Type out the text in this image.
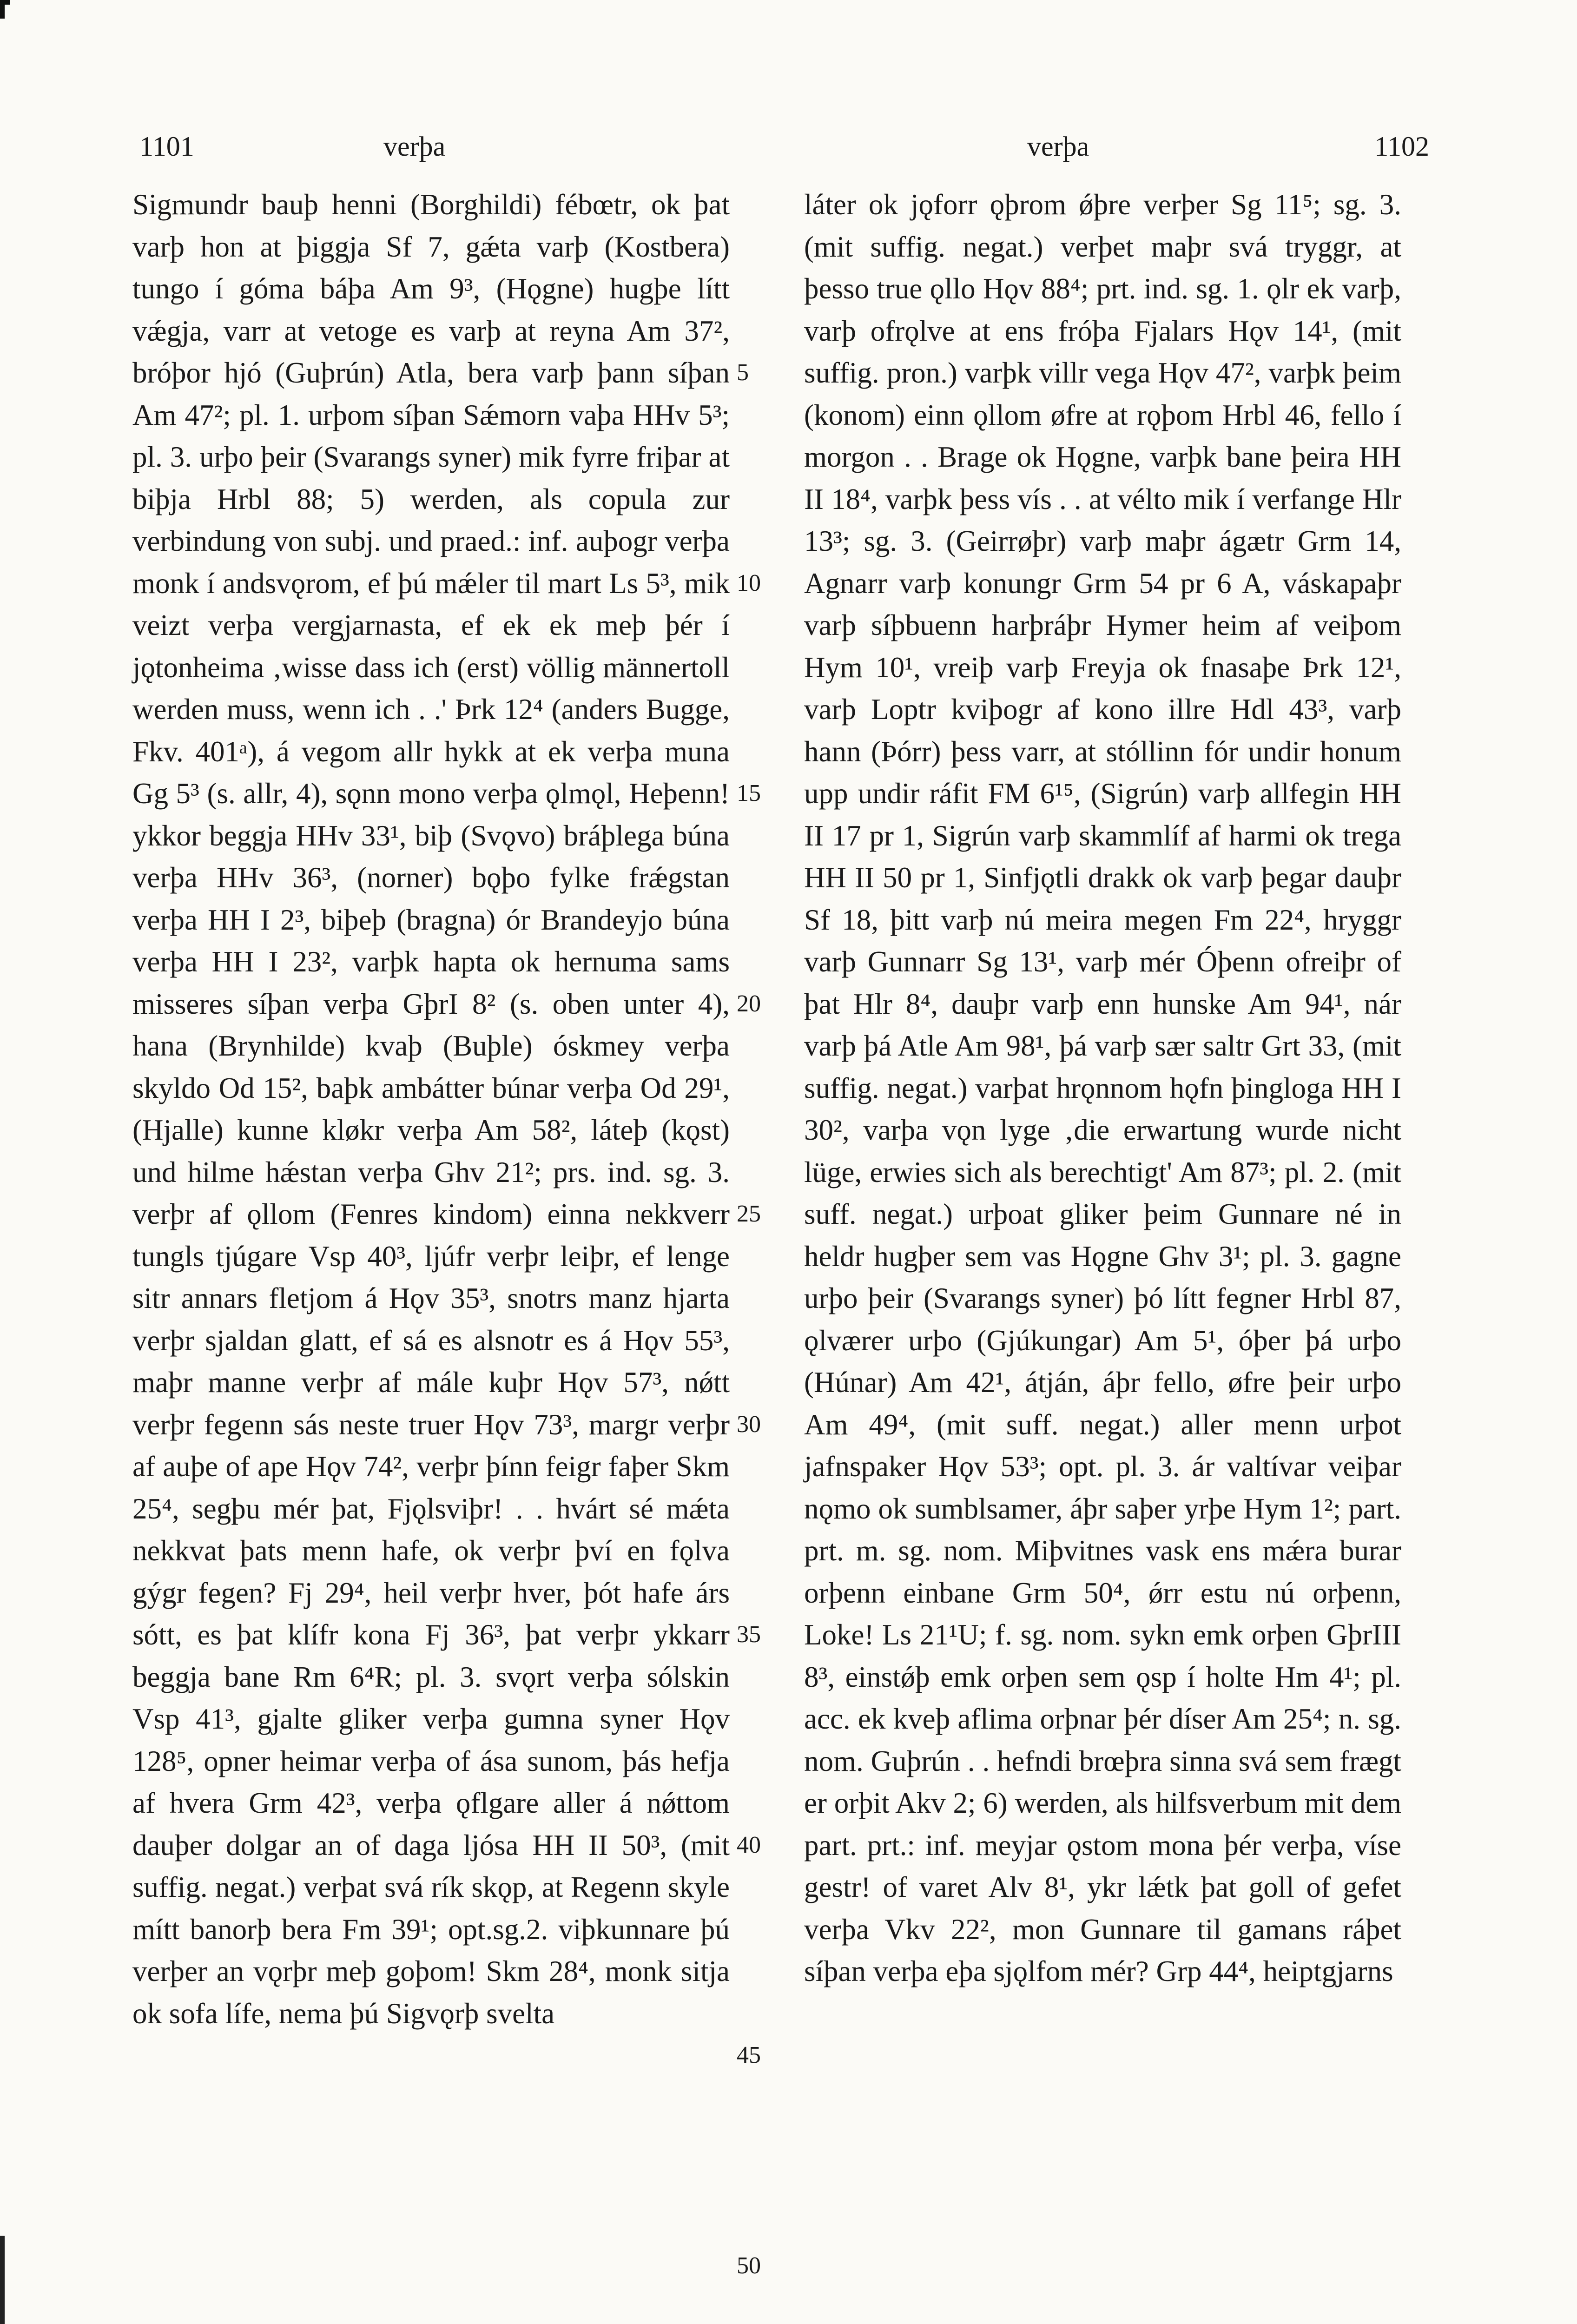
1101	verþa	verþa	1102

Sigmundr bauþ henni (Borghildi) fébœtr, ok þat varþ hon at þiggja Sf 7, gǽta varþ (Kostbera) tungo í góma báþa Am 9³, (Hǫgne) hugþe lítt vǽgja, varr at vetoge es varþ at reyna Am 37², bróþor hjó (Guþrún) Atla, bera varþ þann síþan Am 47²; pl. 1. urþom síþan Sǽmorn vaþa HHv 5³; pl. 3. urþo þeir (Svarangs syner) mik fyrre friþar at biþja Hrbl 88; 5) werden, als copula zur verbindung von subj. und praed.: inf. auþogr verþa monk í andsvǫrom, ef þú mǽler til mart Ls 5³, mik veizt verþa vergjarnasta, ef ek ek meþ þér í jǫtonheima ‚wisse dass ich (erst) völlig männertoll werden muss, wenn ich . .' Þrk 12⁴ (anders Bugge, Fkv. 401ᵃ), á vegom allr hykk at ek verþa muna Gg 5³ (s. allr, 4), sǫnn mono verþa ǫlmǫl, Heþenn! ykkor beggja HHv 33¹, biþ (Svǫvo) bráþlega búna verþa HHv 36³, (norner) bǫþo fylke frǽgstan verþa HH I 2³, biþeþ (bragna) ór Brandeyjo búna verþa HH I 23², varþk hapta ok hernuma sams misseres síþan verþa GþrI 8² (s. oben unter 4), hana (Brynhilde) kvaþ (Buþle) óskmey verþa skyldo Od 15², baþk ambátter búnar verþa Od 29¹, (Hjalle) kunne kløkr verþa Am 58², láteþ (kǫst) und hilme hǽstan verþa Ghv 21²; prs. ind. sg. 3. verþr af ǫllom (Fenres kindom) einna nekkverr tungls tjúgare Vsp 40³, ljúfr verþr leiþr, ef lenge sitr annars fletjom á Hǫv 35³, snotrs manz hjarta verþr sjaldan glatt, ef sá es alsnotr es á Hǫv 55³, maþr manne verþr af mále kuþr Hǫv 57³, nǿtt verþr fegenn sás neste truer Hǫv 73³, margr verþr af auþe of ape Hǫv 74², verþr þínn feigr faþer Skm 25⁴, segþu mér þat, Fjǫlsviþr! . . hvárt sé mǽta nekkvat þats menn hafe, ok verþr því en fǫlva gýgr fegen? Fj 29⁴, heil verþr hver, þót hafe árs sótt, es þat klífr kona Fj 36³, þat verþr ykkarr beggja bane Rm 6⁴R; pl. 3. svǫrt verþa sólskin Vsp 41³, gjalte gliker verþa gumna syner Hǫv 128⁵, opner heimar verþa of ása sunom, þás hefja af hvera Grm 42³, verþa ǫflgare aller á nǿttom dauþer dolgar an of daga ljósa HH II 50³, (mit suffig. negat.) verþat svá rík skǫp, at Regenn skyle mítt banorþ bera Fm 39¹; opt.sg.2. viþkunnare þú verþer an vǫrþr meþ goþom! Skm 28⁴, monk sitja ok sofa lífe, nema þú Sigvǫrþ svelta

5
10
15
20
25
30
35
40
45
50

láter ok jǫforr ǫþrom ǿþre verþer Sg 11⁵; sg. 3. (mit suffig. negat.) verþet maþr svá tryggr, at þesso true ǫllo Hǫv 88⁴; prt. ind. sg. 1. ǫlr ek varþ, varþ ofrǫlve at ens fróþa Fjalars Hǫv 14¹, (mit suffig. pron.) varþk villr vega Hǫv 47², varþk þeim (konom) einn ǫllom øfre at rǫþom Hrbl 46, fello í morgon . . Brage ok Hǫgne, varþk bane þeira HH II 18⁴, varþk þess vís . . at vélto mik í verfange Hlr 13³; sg. 3. (Geirrøþr) varþ maþr ágætr Grm 14, Agnarr varþ konungr Grm 54 pr 6 A, váskapaþr varþ síþbuenn harþráþr Hymer heim af veiþom Hym 10¹, vreiþ varþ Freyja ok fnasaþe Þrk 12¹, varþ Loptr kviþogr af kono illre Hdl 43³, varþ hann (Þórr) þess varr, at stóllinn fór undir honum upp undir ráfit FM 6¹⁵, (Sigrún) varþ allfegin HH II 17 pr 1, Sigrún varþ skammlíf af harmi ok trega HH II 50 pr 1, Sinfjǫtli drakk ok varþ þegar dauþr Sf 18, þitt varþ nú meira megen Fm 22⁴, hryggr varþ Gunnarr Sg 13¹, varþ mér Óþenn ofreiþr of þat Hlr 8⁴, dauþr varþ enn hunske Am 94¹, nár varþ þá Atle Am 98¹, þá varþ sær saltr Grt 33, (mit suffig. negat.) varþat hrǫnnom hǫfn þingloga HH I 30², varþa vǫn lyge ‚die erwartung wurde nicht lüge, erwies sich als berechtigt' Am 87³; pl. 2. (mit suff. negat.) urþoat gliker þeim Gunnare né in heldr hugþer sem vas Hǫgne Ghv 3¹; pl. 3. gagne urþo þeir (Svarangs syner) þó lítt fegner Hrbl 87, ǫlværer urþo (Gjúkungar) Am 5¹, óþer þá urþo (Húnar) Am 42¹, átján, áþr fello, øfre þeir urþo Am 49⁴, (mit suff. negat.) aller menn urþot jafnspaker Hǫv 53³; opt. pl. 3. ár valtívar veiþar nǫmo ok sumblsamer, áþr saþer yrþe Hym 1²; part. prt. m. sg. nom. Miþvitnes vask ens mǽra burar orþenn einbane Grm 50⁴, ǿrr estu nú orþenn, Loke! Ls 21¹U; f. sg. nom. sykn emk orþen GþrIII 8³, einstǿþ emk orþen sem ǫsp í holte Hm 4¹; pl. acc. ek kveþ aflima orþnar þér díser Am 25⁴; n. sg. nom. Guþrún . . hefndi brœþra sinna svá sem frægt er orþit Akv 2; 6) werden, als hilfsverbum mit dem part. prt.: inf. meyjar ǫstom mona þér verþa, víse gestr! of varet Alv 8¹, ykr lǽtk þat goll of gefet verþa Vkv 22², mon Gunnare til gamans ráþet síþan verþa eþa sjǫlfom mér? Grp 44⁴, heiptgjarns
